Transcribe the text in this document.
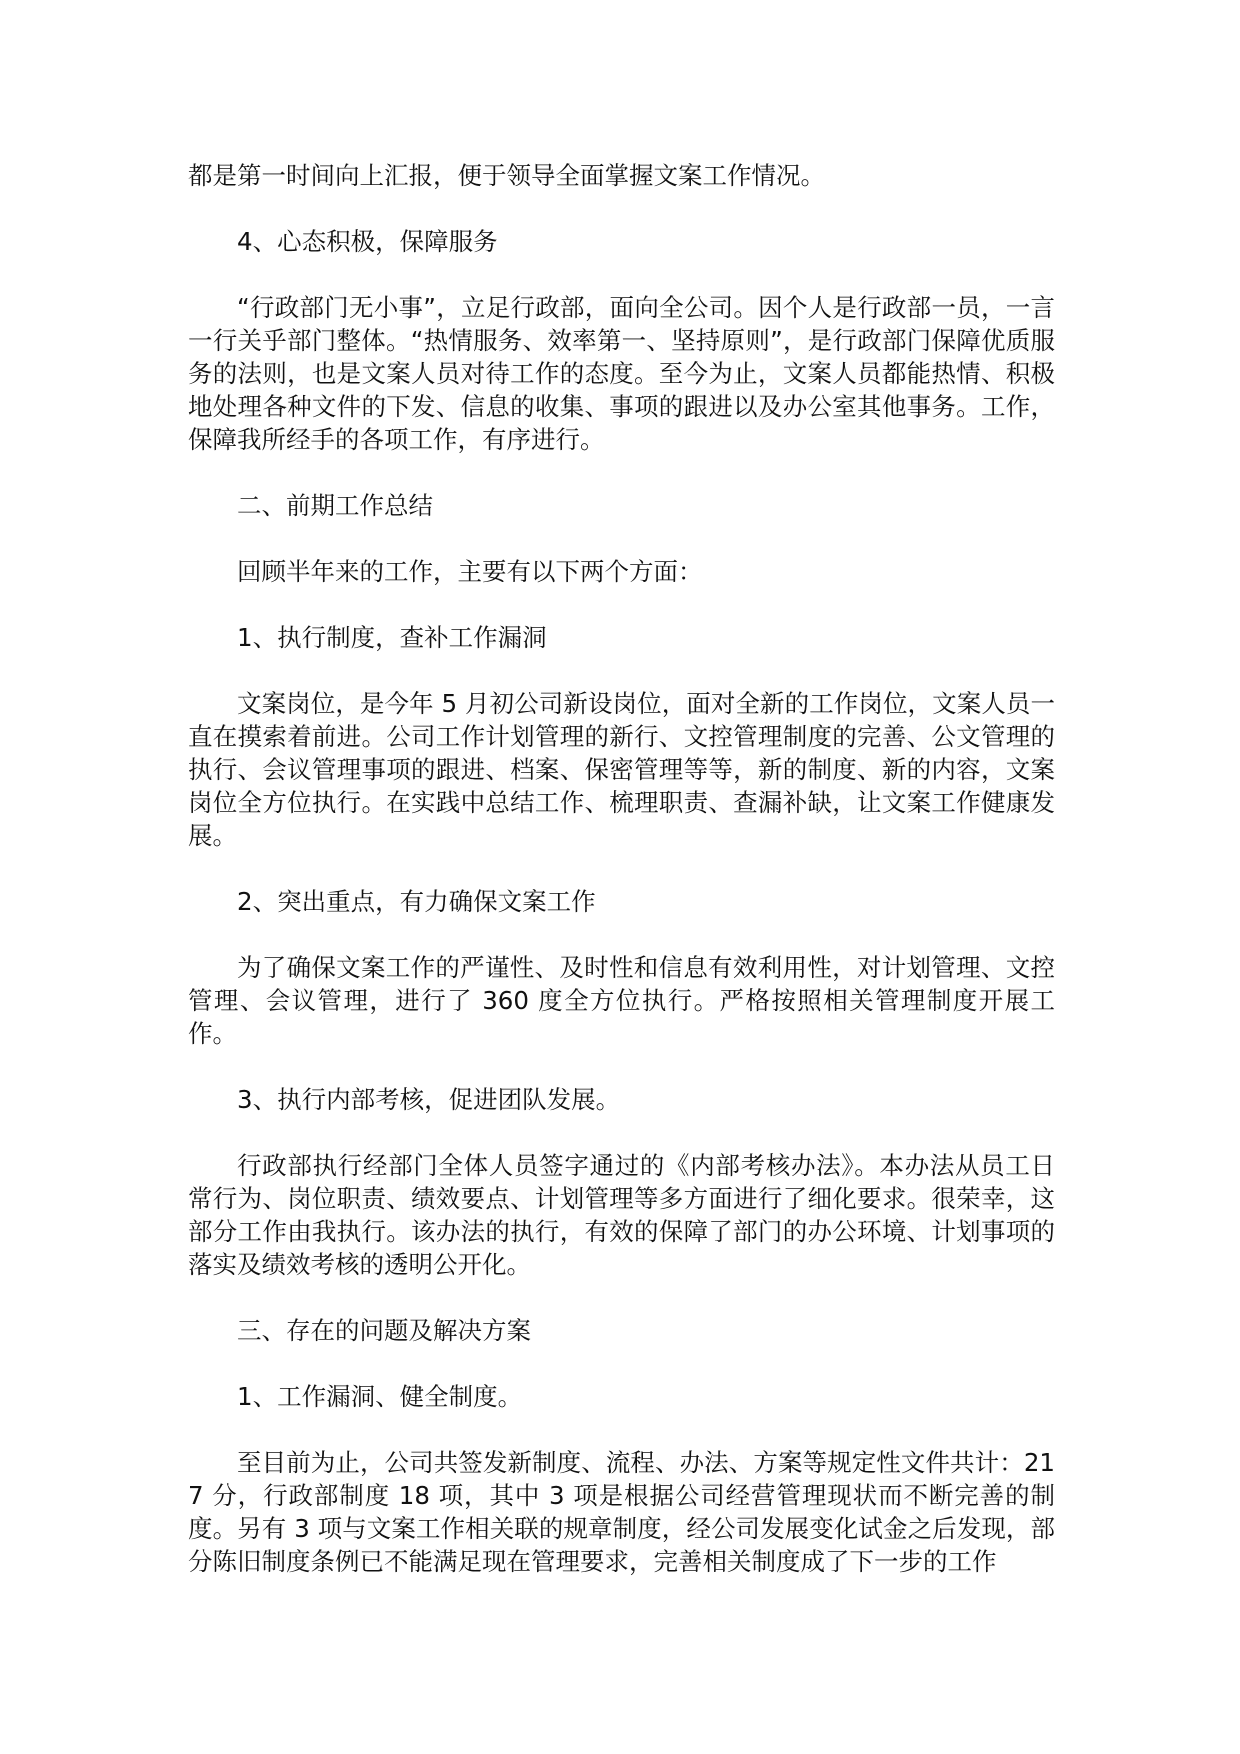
都是第一时间向上汇报，便于领导全面掌握文案工作情况。

4、心态积极，保障服务

“行政部门无小事”，立足行政部，面向全公司。因个人是行政部一员，一言一行关乎部门整体。“热情服务、效率第一、坚持原则”，是行政部门保障优质服务的法则，也是文案人员对待工作的态度。至今为止，文案人员都能热情、积极地处理各种文件的下发、信息的收集、事项的跟进以及办公室其他事务。工作，保障我所经手的各项工作，有序进行。

二、前期工作总结

回顾半年来的工作，主要有以下两个方面：

1、执行制度，查补工作漏洞

文案岗位，是今年 5 月初公司新设岗位，面对全新的工作岗位，文案人员一直在摸索着前进。公司工作计划管理的新行、文控管理制度的完善、公文管理的执行、会议管理事项的跟进、档案、保密管理等等，新的制度、新的内容，文案岗位全方位执行。在实践中总结工作、梳理职责、查漏补缺，让文案工作健康发展。

2、突出重点，有力确保文案工作

为了确保文案工作的严谨性、及时性和信息有效利用性，对计划管理、文控管理、会议管理，进行了 360 度全方位执行。严格按照相关管理制度开展工作。

3、执行内部考核，促进团队发展。

行政部执行经部门全体人员签字通过的《内部考核办法》。本办法从员工日常行为、岗位职责、绩效要点、计划管理等多方面进行了细化要求。很荣幸，这部分工作由我执行。该办法的执行，有效的保障了部门的办公环境、计划事项的落实及绩效考核的透明公开化。

三、存在的问题及解决方案

1、工作漏洞、健全制度。

至目前为止，公司共签发新制度、流程、办法、方案等规定性文件共计：217 分，行政部制度 18 项，其中 3 项是根据公司经营管理现状而不断完善的制度。另有 3 项与文案工作相关联的规章制度，经公司发展变化试金之后发现，部分陈旧制度条例已不能满足现在管理要求，完善相关制度成了下一步的工作
